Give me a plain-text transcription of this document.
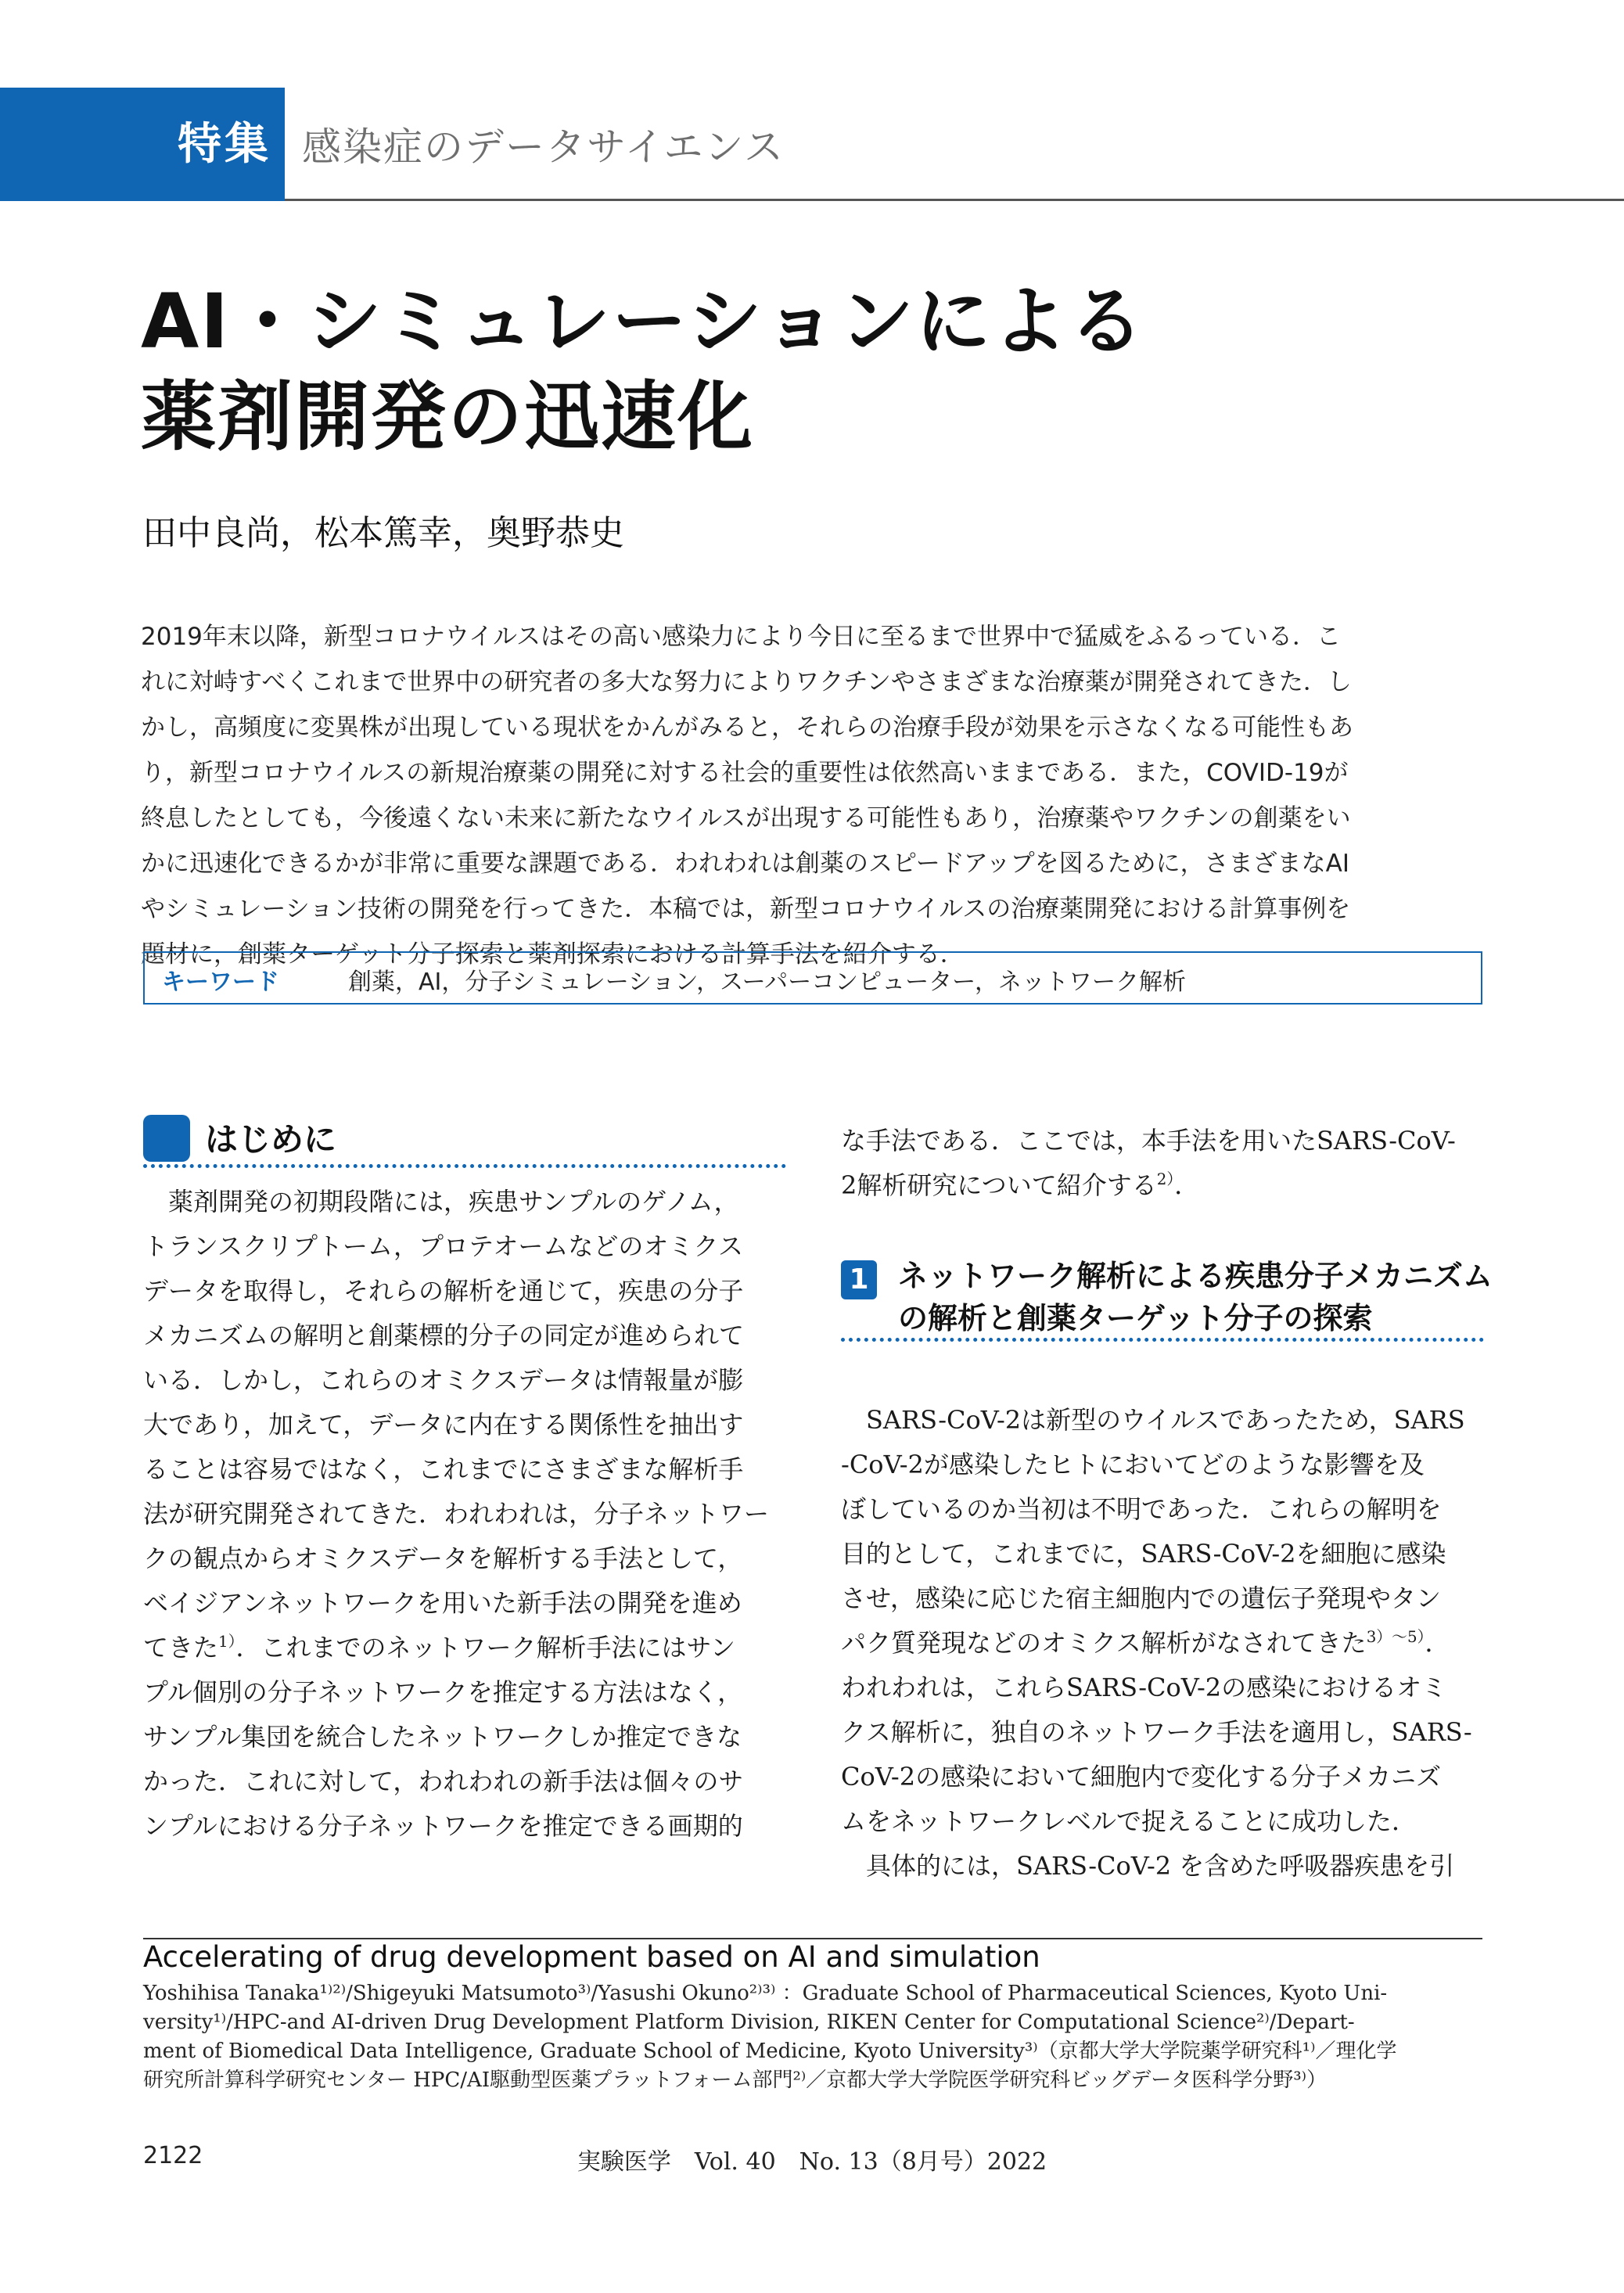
特集 感染症のデータサイエンス
AI・シミュレーションによる
薬剤開発の迅速化
田中良尚，松本篤幸，奥野恭史
2019年末以降，新型コロナウイルスはその高い感染力により今日に至るまで世界中で猛威をふるっている．こ
れに対峙すべくこれまで世界中の研究者の多大な努力によりワクチンやさまざまな治療薬が開発されてきた．し
かし，高頻度に変異株が出現している現状をかんがみると，それらの治療手段が効果を示さなくなる可能性もあ
り，新型コロナウイルスの新規治療薬の開発に対する社会的重要性は依然高いままである．また，COVID-19が
終息したとしても，今後遠くない未来に新たなウイルスが出現する可能性もあり，治療薬やワクチンの創薬をい
かに迅速化できるかが非常に重要な課題である．われわれは創薬のスピードアップを図るために，さまざまなAI
やシミュレーション技術の開発を行ってきた．本稿では，新型コロナウイルスの治療薬開発における計算事例を
題材に，創薬ターゲット分子探索と薬剤探索における計算手法を紹介する．
キーワード	創薬，AI，分子シミュレーション，スーパーコンピューター，ネットワーク解析
はじめに
　薬剤開発の初期段階には，疾患サンプルのゲノム，
トランスクリプトーム，プロテオームなどのオミクス
データを取得し，それらの解析を通じて，疾患の分子
メカニズムの解明と創薬標的分子の同定が進められて
いる．しかし，これらのオミクスデータは情報量が膨
大であり，加えて，データに内在する関係性を抽出す
ることは容易ではなく，これまでにさまざまな解析手
法が研究開発されてきた．われわれは，分子ネットワー
クの観点からオミクスデータを解析する手法として，
ベイジアンネットワークを用いた新手法の開発を進め
てきた$^{1)}$．これまでのネットワーク解析手法にはサン
プル個別の分子ネットワークを推定する方法はなく，
サンプル集団を統合したネットワークしか推定できな
かった．これに対して，われわれの新手法は個々のサ
ンプルにおける分子ネットワークを推定できる画期的
な手法である．ここでは，本手法を用いたSARS-CoV-
2解析研究について紹介する$^{2)}$．
1 ネットワーク解析による疾患分子メカニズム
の解析と創薬ターゲット分子の探索
　SARS-CoV-2は新型のウイルスであったため，SARS
-CoV-2が感染したヒトにおいてどのような影響を及
ぼしているのか当初は不明であった．これらの解明を
目的として，これまでに，SARS-CoV-2を細胞に感染
させ，感染に応じた宿主細胞内での遺伝子発現やタン
パク質発現などのオミクス解析がなされてきた$^{3)\sim 5)}$．
われわれは，これらSARS-CoV-2の感染におけるオミ
クス解析に，独自のネットワーク手法を適用し，SARS-
CoV-2の感染において細胞内で変化する分子メカニズ
ムをネットワークレベルで捉えることに成功した．
　具体的には，SARS-CoV-2 を含めた呼吸器疾患を引
Accelerating of drug development based on AI and simulation
Yoshihisa Tanaka¹⁾²⁾/Shigeyuki Matsumoto³⁾/Yasushi Okuno²⁾³⁾ ：Graduate School of Pharmaceutical Sciences, Kyoto Uni-
versity¹⁾/HPC-and AI-driven Drug Development Platform Division, RIKEN Center for Computational Science²⁾/Depart-
ment of Biomedical Data Intelligence, Graduate School of Medicine, Kyoto University³⁾（京都大学大学院薬学研究科¹⁾／理化学
研究所計算科学研究センター HPC/AI駆動型医薬プラットフォーム部門²⁾／京都大学大学院医学研究科ビッグデータ医科学分野³⁾）
2122	実験医学　Vol. 40　No. 13（8月号）2022
